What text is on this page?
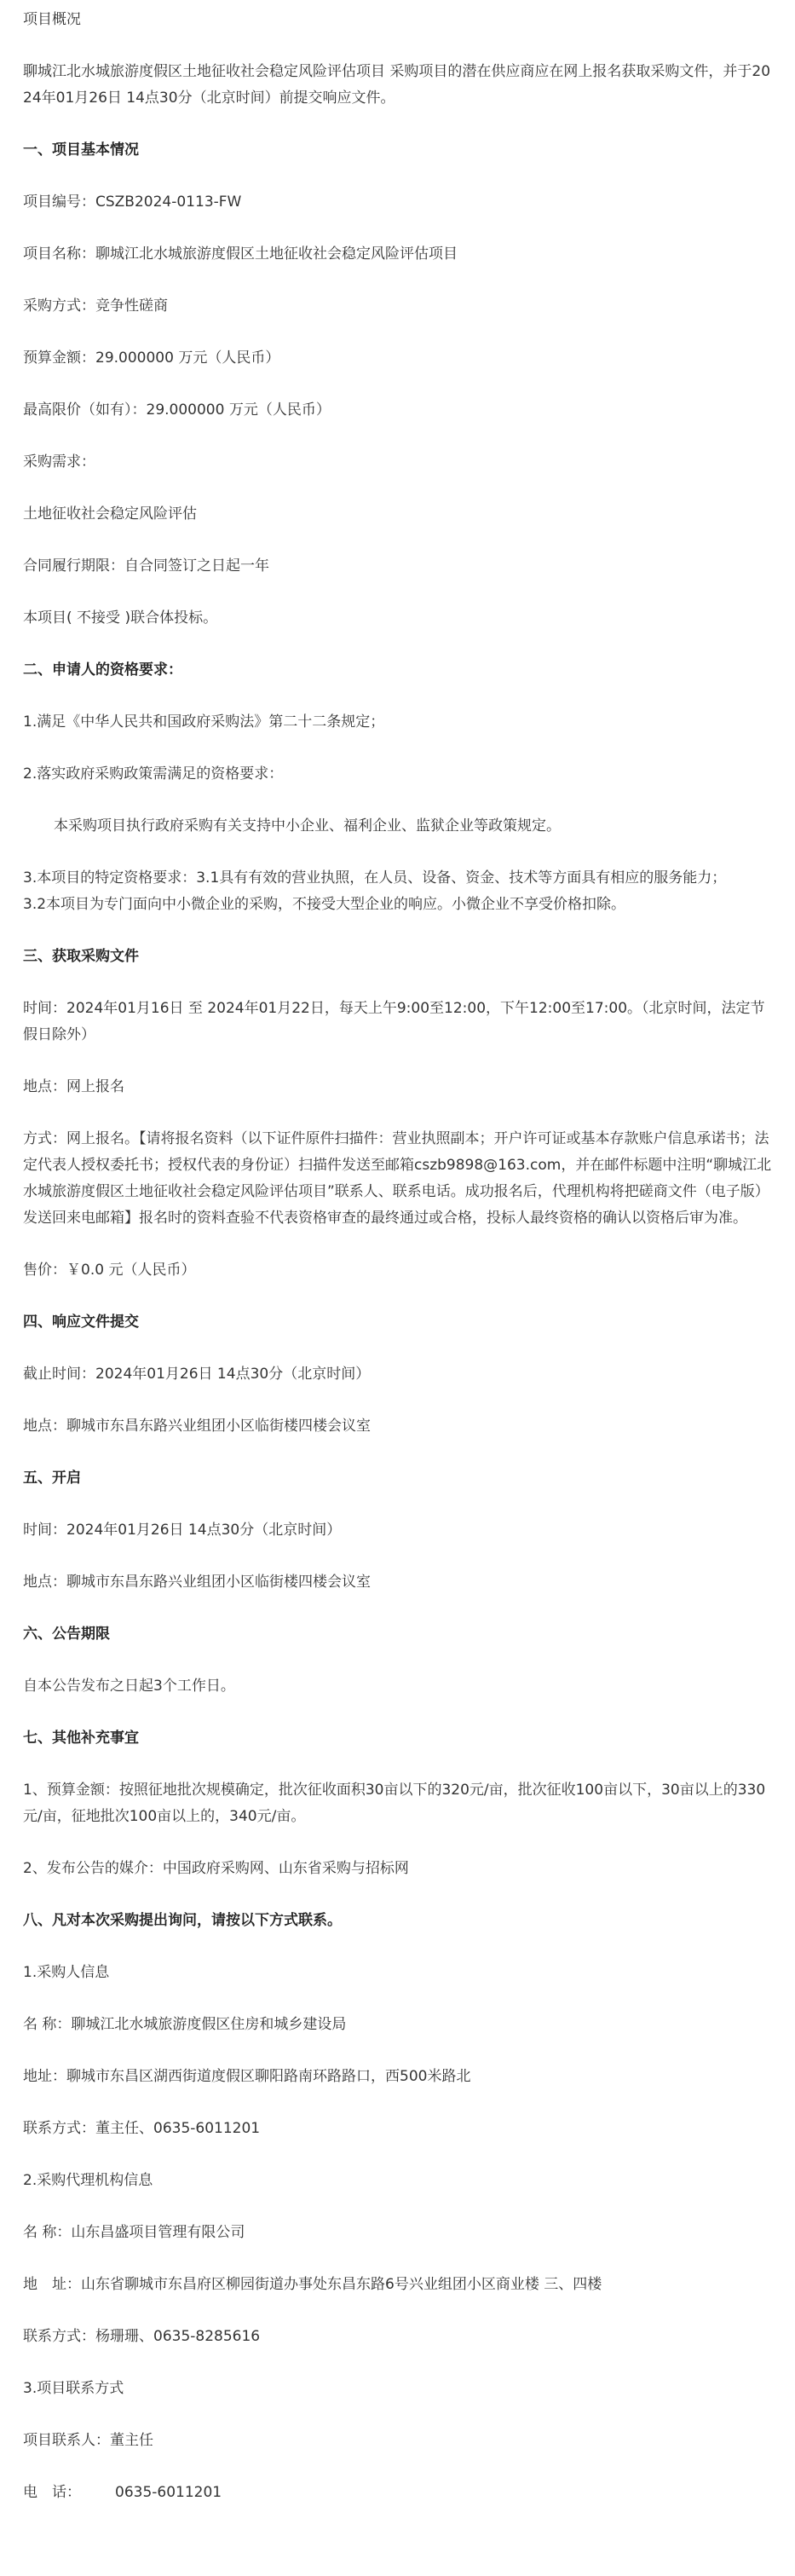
项目概况

聊城江北水城旅游度假区土地征收社会稳定风险评估项目 采购项目的潜在供应商应在网上报名获取采购文件，并于2024年01月26日 14点30分（北京时间）前提交响应文件。

一、项目基本情况

项目编号：CSZB2024-0113-FW

项目名称：聊城江北水城旅游度假区土地征收社会稳定风险评估项目

采购方式：竞争性磋商

预算金额：29.000000 万元（人民币）

最高限价（如有）：29.000000 万元（人民币）

采购需求：

土地征收社会稳定风险评估

合同履行期限：自合同签订之日起一年

本项目( 不接受 )联合体投标。

二、申请人的资格要求：

1.满足《中华人民共和国政府采购法》第二十二条规定；

2.落实政府采购政策需满足的资格要求：

本采购项目执行政府采购有关支持中小企业、福利企业、监狱企业等政策规定。

3.本项目的特定资格要求：3.1具有有效的营业执照，在人员、设备、资金、技术等方面具有相应的服务能力；

3.2本项目为专门面向中小微企业的采购，不接受大型企业的响应。小微企业不享受价格扣除。

三、获取采购文件

时间：2024年01月16日 至 2024年01月22日，每天上午9:00至12:00，下午12:00至17:00。（北京时间，法定节假日除外）

地点：网上报名

方式：网上报名。【请将报名资料（以下证件原件扫描件：营业执照副本；开户许可证或基本存款账户信息承诺书；法定代表人授权委托书；授权代表的身份证）扫描件发送至邮箱cszb9898@163.com，并在邮件标题中注明“聊城江北水城旅游度假区土地征收社会稳定风险评估项目”联系人、联系电话。成功报名后，代理机构将把磋商文件（电子版）发送回来电邮箱】报名时的资料查验不代表资格审查的最终通过或合格，投标人最终资格的确认以资格后审为准。

售价：￥0.0 元（人民币）

四、响应文件提交

截止时间：2024年01月26日 14点30分（北京时间）

地点：聊城市东昌东路兴业组团小区临街楼四楼会议室

五、开启

时间：2024年01月26日 14点30分（北京时间）

地点：聊城市东昌东路兴业组团小区临街楼四楼会议室

六、公告期限

自本公告发布之日起3个工作日。

七、其他补充事宜

1、预算金额：按照征地批次规模确定，批次征收面积30亩以下的320元/亩，批次征收100亩以下，30亩以上的330元/亩，征地批次100亩以上的，340元/亩。

2、发布公告的媒介：中国政府采购网、山东省采购与招标网

八、凡对本次采购提出询问，请按以下方式联系。

1.采购人信息

名 称：聊城江北水城旅游度假区住房和城乡建设局

地址：聊城市东昌区湖西街道度假区聊阳路南环路路口，西500米路北

联系方式：董主任、0635-6011201

2.采购代理机构信息

名 称：山东昌盛项目管理有限公司

地　址：山东省聊城市东昌府区柳园街道办事处东昌东路6号兴业组团小区商业楼 三、四楼

联系方式：杨珊珊、0635-8285616

3.项目联系方式

项目联系人：董主任

电　话： 0635-6011201
